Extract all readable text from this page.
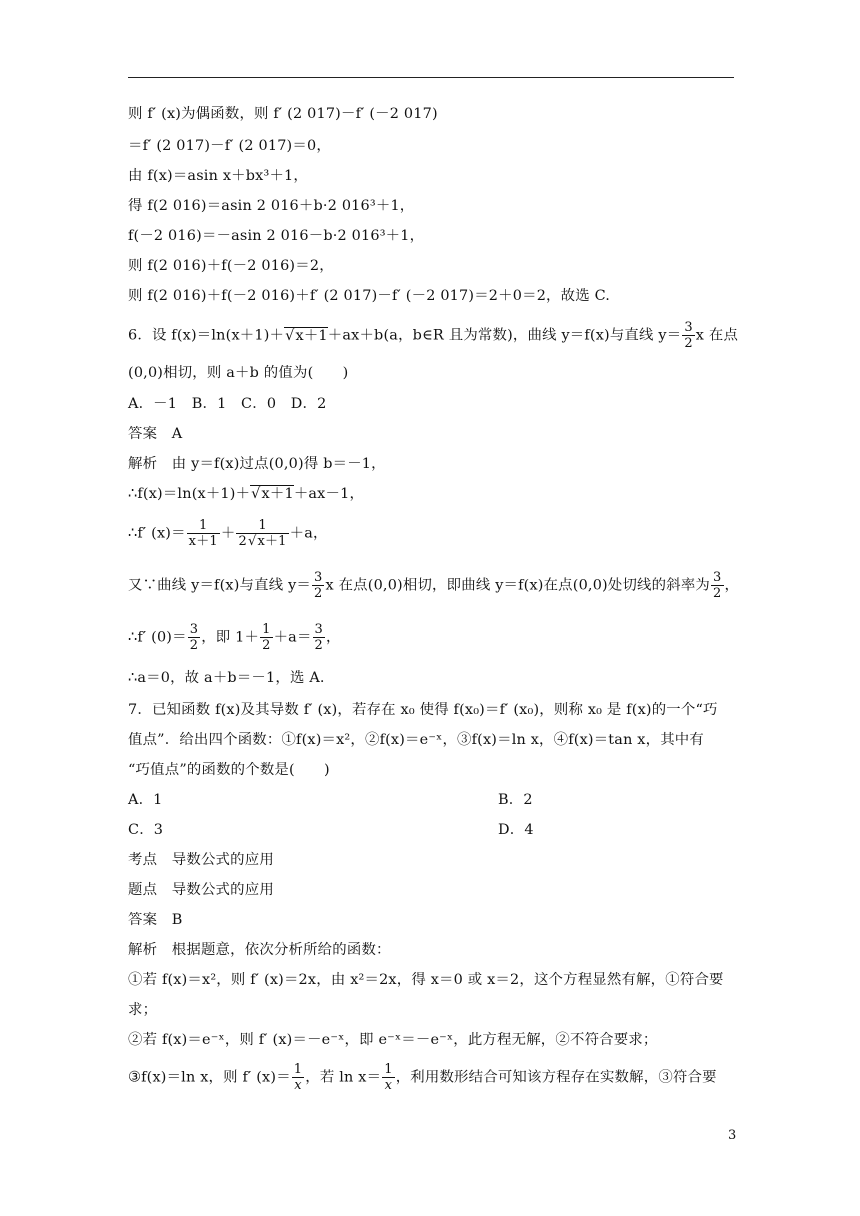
则 f′ (x)为偶函数，则 f′ (2 017)－f′ (－2 017)
＝f′ (2 017)－f′ (2 017)＝0，
由 f(x)＝asin x＋bx³＋1，
得 f(2 016)＝asin 2 016＋b·2 016³＋1，
f(－2 016)＝－asin 2 016－b·2 016³＋1，
则 f(2 016)＋f(－2 016)＝2，
则 f(2 016)＋f(－2 016)＋f′ (2 017)－f′ (－2 017)＝2＋0＝2，故选 C.
6．设 f(x)＝ln(x＋1)＋ √ x＋1＋ax＋b(a，b∈R 且为常数)，曲线 y＝f(x)与直线 $y= \frac{3}{2}$ x 在点
(0,0)相切，则 a＋b 的值为(　　)
A．－1　B．1　C．0　D．2
答案　A
解析　由 y＝f(x)过点(0,0)得 b＝－1，
∴f(x)＝ln(x＋1)＋ √ x＋1＋ax－1，
∴f′ $(x)= \frac{1}{x+1} + \frac{1}{2 √ x+1} +a$，
又∵曲线 y＝f(x)与直线 $y= \frac{3}{2}$ x 在点(0,0)相切，即曲线 y＝f(x)在点(0,0)处切线的斜率为 $\frac{3}{2}$ ，
∴f′ $(0)= \frac{3}{2}$ ，即 $1+ \frac{1}{2} +a= \frac{3}{2}$ ，
∴a＝0，故 a＋b＝－1，选 A.
7．已知函数 f(x)及其导数 f′ (x)，若存在 x₀ 使得 f(x₀)＝f′ (x₀)，则称 x₀ 是 f(x)的一个“巧
值点”．给出四个函数：①f(x)＝x²，②f(x)＝e⁻ˣ，③f(x)＝ln x，④f(x)＝tan x，其中有
“巧值点”的函数的个数是(　　)
A．1	B．2
C．3	D．4
考点　导数公式的应用
题点　导数公式的应用
答案　B
解析　根据题意，依次分析所给的函数：
①若 f(x)＝x²，则 f′ (x)＝2x，由 x²＝2x，得 x＝0 或 x＝2，这个方程显然有解，①符合要
求；
②若 f(x)＝e⁻ˣ，则 f′ (x)＝－e⁻ˣ，即 e⁻ˣ＝－e⁻ˣ，此方程无解，②不符合要求；
③f(x)＝ln x，则 f′ $(x)= \frac{1}{x}$ ，若 $\ln x= \frac{1}{x}$ ，利用数形结合可知该方程存在实数解，③符合要
3
